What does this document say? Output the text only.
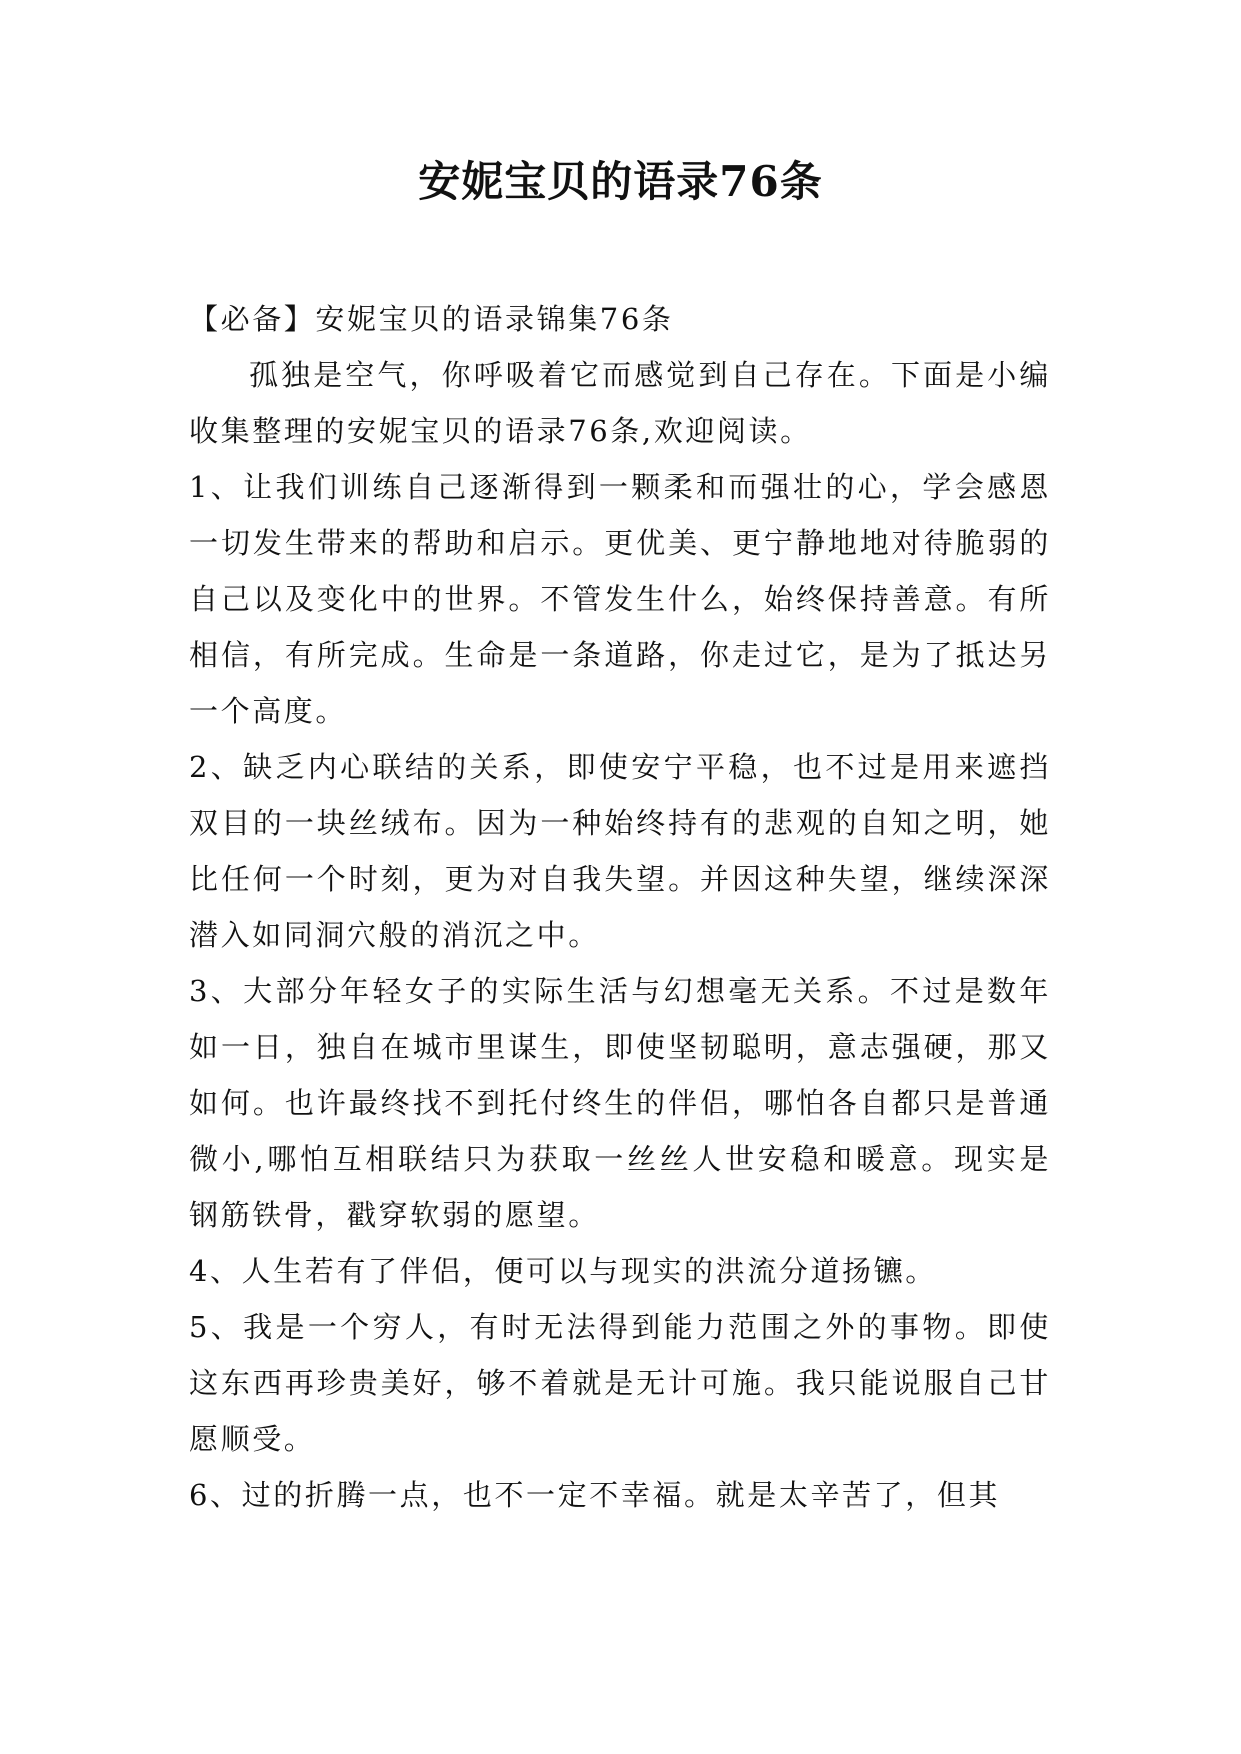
安妮宝贝的语录76条

【必备】安妮宝贝的语录锦集76条

孤独是空气，你呼吸着它而感觉到自己存在。下面是小编收集整理的安妮宝贝的语录76条,欢迎阅读。

1、让我们训练自己逐渐得到一颗柔和而强壮的心，学会感恩一切发生带来的帮助和启示。更优美、更宁静地地对待脆弱的自己以及变化中的世界。不管发生什么，始终保持善意。有所相信，有所完成。生命是一条道路，你走过它，是为了抵达另一个高度。

2、缺乏内心联结的关系，即使安宁平稳，也不过是用来遮挡双目的一块丝绒布。因为一种始终持有的悲观的自知之明，她比任何一个时刻，更为对自我失望。并因这种失望，继续深深潜入如同洞穴般的消沉之中。

3、大部分年轻女子的实际生活与幻想毫无关系。不过是数年如一日，独自在城市里谋生，即使坚韧聪明，意志强硬，那又如何。也许最终找不到托付终生的伴侣，哪怕各自都只是普通微小,哪怕互相联结只为获取一丝丝人世安稳和暖意。现实是钢筋铁骨，戳穿软弱的愿望。

4、人生若有了伴侣，便可以与现实的洪流分道扬镳。

5、我是一个穷人，有时无法得到能力范围之外的事物。即使这东西再珍贵美好，够不着就是无计可施。我只能说服自己甘愿顺受。

6、过的折腾一点，也不一定不幸福。就是太辛苦了，但其
